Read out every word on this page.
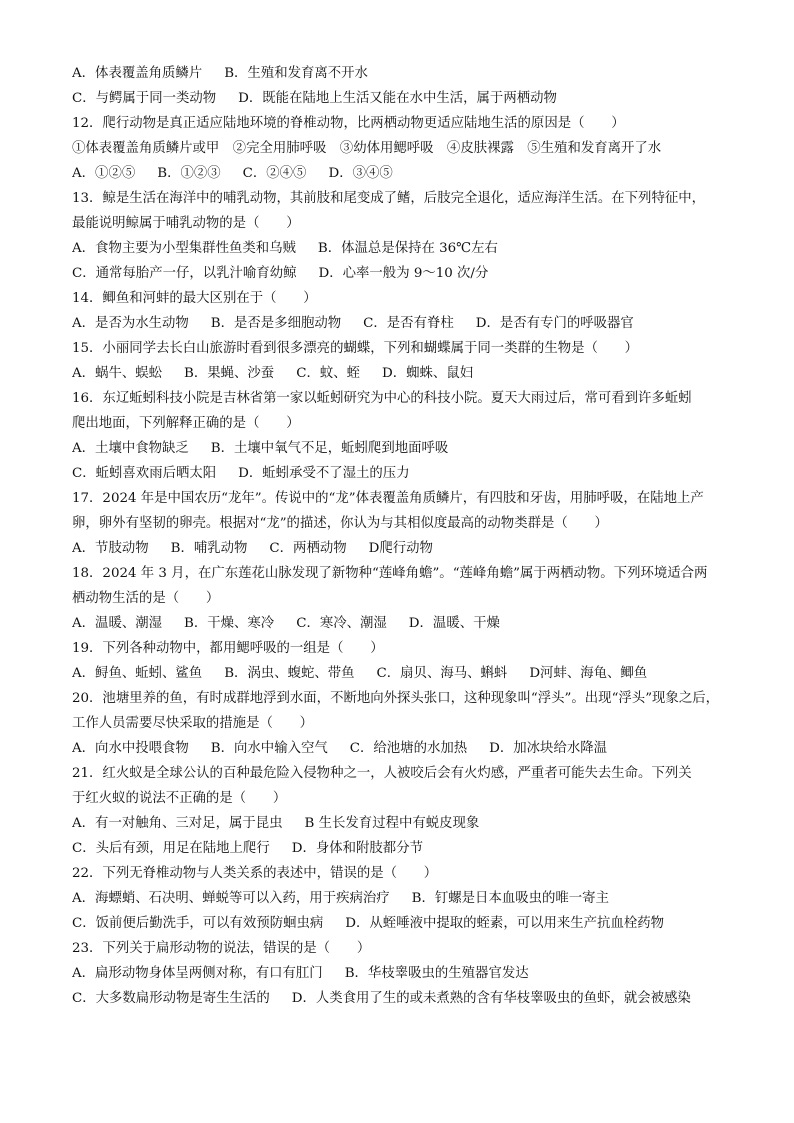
A．体表覆盖角质鳞片 B．生殖和发育离不开水
C．与鳄属于同一类动物 D．既能在陆地上生活又能在水中生活，属于两栖动物
12．爬行动物是真正适应陆地环境的脊椎动物，比两栖动物更适应陆地生活的原因是（　　）
①体表覆盖角质鳞片或甲　②完全用肺呼吸　③幼体用鳃呼吸　④皮肤裸露　⑤生殖和发育离开了水
A．①②⑤ B．①②③ C．②④⑤ D．③④⑤
13．鲸是生活在海洋中的哺乳动物，其前肢和尾变成了鳍，后肢完全退化，适应海洋生活。在下列特征中，
最能说明鲸属于哺乳动物的是（　　）
A．食物主要为小型集群性鱼类和乌贼 B．体温总是保持在 36℃左右
C．通常每胎产一仔，以乳汁喻育幼鲸 D．心率一般为 9～10 次/分
14．鲫鱼和河蚌的最大区别在于（　　）
A．是否为水生动物 B．是否是多细胞动物 C．是否有脊柱 D．是否有专门的呼吸器官
15．小丽同学去长白山旅游时看到很多漂亮的蝴蝶，下列和蝴蝶属于同一类群的生物是（　　）
A．蜗牛、蜈蚣 B．果蝇、沙蚕 C．蚊、蛭 D．蜘蛛、鼠妇
16．东辽蚯蚓科技小院是吉林省第一家以蚯蚓研究为中心的科技小院。夏天大雨过后，常可看到许多蚯蚓
爬出地面，下列解释正确的是（　　）
A．土壤中食物缺乏 B．土壤中氧气不足，蚯蚓爬到地面呼吸
C．蚯蚓喜欢雨后晒太阳 D．蚯蚓承受不了湿土的压力
17．2024 年是中国农历“龙年”。传说中的“龙”体表覆盖角质鳞片，有四肢和牙齿，用肺呼吸，在陆地上产
卵，卵外有坚韧的卵壳。根据对“龙”的描述，你认为与其相似度最高的动物类群是（　　）
A．节肢动物 B．哺乳动物 C．两栖动物 D爬行动物
18．2024 年 3 月，在广东莲花山脉发现了新物种“莲峰角蟾”。“莲峰角蟾”属于两栖动物。下列环境适合两
栖动物生活的是（　　）
A．温暖、潮湿 B．干燥、寒冷 C．寒冷、潮湿 D．温暖、干燥
19．下列各种动物中，都用鳃呼吸的一组是（　　）
A．鲟鱼、蚯蚓、鲨鱼 B．涡虫、蝮蛇、带鱼 C．扇贝、海马、蝌蚪 D河蚌、海龟、鲫鱼
20．池塘里养的鱼，有时成群地浮到水面，不断地向外探头张口，这种现象叫“浮头”。出现“浮头”现象之后，
工作人员需要尽快采取的措施是（　　）
A．向水中投喂食物 B．向水中输入空气 C．给池塘的水加热 D．加冰块给水降温
21．红火蚁是全球公认的百种最危险入侵物种之一，人被咬后会有火灼感，严重者可能失去生命。下列关
于红火蚁的说法不正确的是（　　）
A．有一对触角、三对足，属于昆虫 B 生长发育过程中有蜕皮现象
C．头后有颈，用足在陆地上爬行 D．身体和附肢都分节
22．下列无脊椎动物与人类关系的表述中，错误的是（　　）
A．海螵蛸、石决明、蝉蜕等可以入药，用于疾病治疗 B．钉螺是日本血吸虫的唯一寄主
C．饭前便后勤洗手，可以有效预防蛔虫病 D．从蛭唾液中提取的蛭素，可以用来生产抗血栓药物
23．下列关于扁形动物的说法，错误的是（　　）
A．扁形动物身体呈两侧对称，有口有肛门 B．华枝睾吸虫的生殖器官发达
C．大多数扁形动物是寄生生活的 D．人类食用了生的或未煮熟的含有华枝睾吸虫的鱼虾，就会被感染
